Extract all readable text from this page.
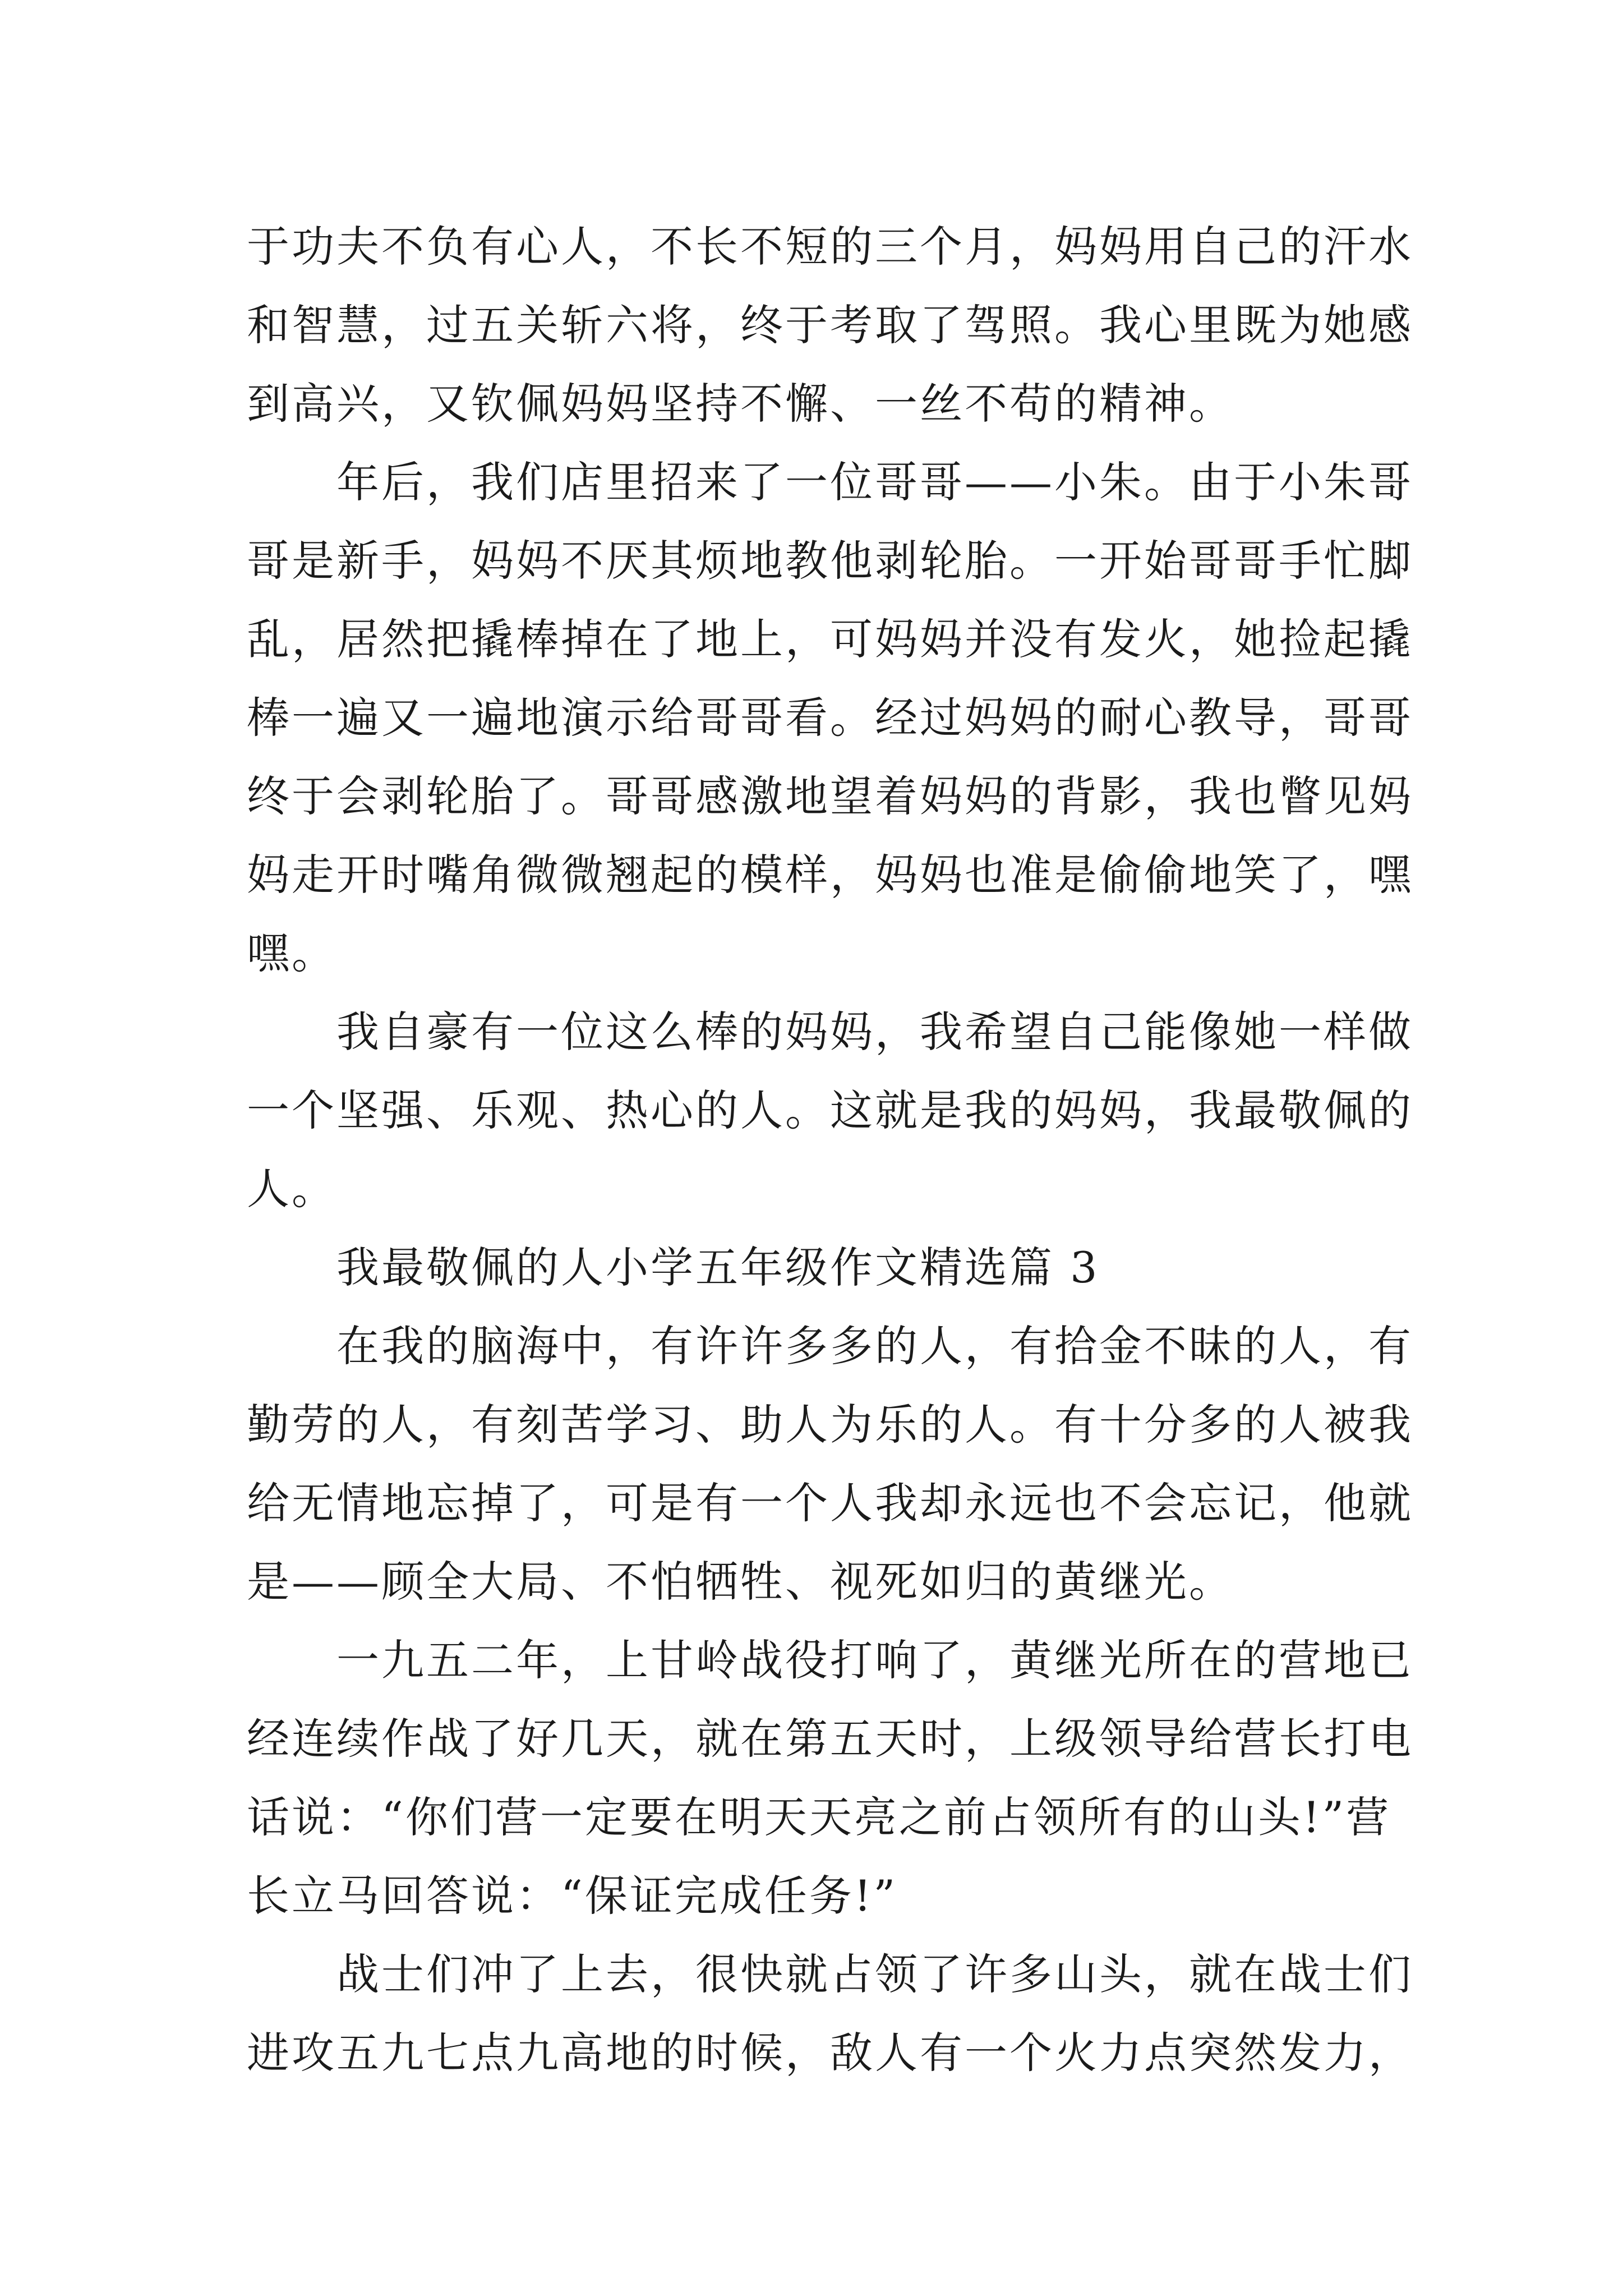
于功夫不负有心人，不长不短的三个月，妈妈用自己的汗水
和智慧，过五关斩六将，终于考取了驾照。我心里既为她感
到高兴，又钦佩妈妈坚持不懈、一丝不苟的精神。
年后，我们店里招来了一位哥哥——小朱。由于小朱哥
哥是新手，妈妈不厌其烦地教他剥轮胎。一开始哥哥手忙脚
乱，居然把撬棒掉在了地上，可妈妈并没有发火，她捡起撬
棒一遍又一遍地演示给哥哥看。经过妈妈的耐心教导，哥哥
终于会剥轮胎了。哥哥感激地望着妈妈的背影，我也瞥见妈
妈走开时嘴角微微翘起的模样，妈妈也准是偷偷地笑了，嘿
嘿。
我自豪有一位这么棒的妈妈，我希望自己能像她一样做
一个坚强、乐观、热心的人。这就是我的妈妈，我最敬佩的
人。
我最敬佩的人小学五年级作文精选篇 3
在我的脑海中，有许许多多的人，有拾金不昧的人，有
勤劳的人，有刻苦学习、助人为乐的人。有十分多的人被我
给无情地忘掉了，可是有一个人我却永远也不会忘记，他就
是——顾全大局、不怕牺牲、视死如归的黄继光。
一九五二年，上甘岭战役打响了，黄继光所在的营地已
经连续作战了好几天，就在第五天时，上级领导给营长打电
话说：“你们营一定要在明天天亮之前占领所有的山头!”营
长立马回答说：“保证完成任务!”
战士们冲了上去，很快就占领了许多山头，就在战士们
进攻五九七点九高地的时候，敌人有一个火力点突然发力，
